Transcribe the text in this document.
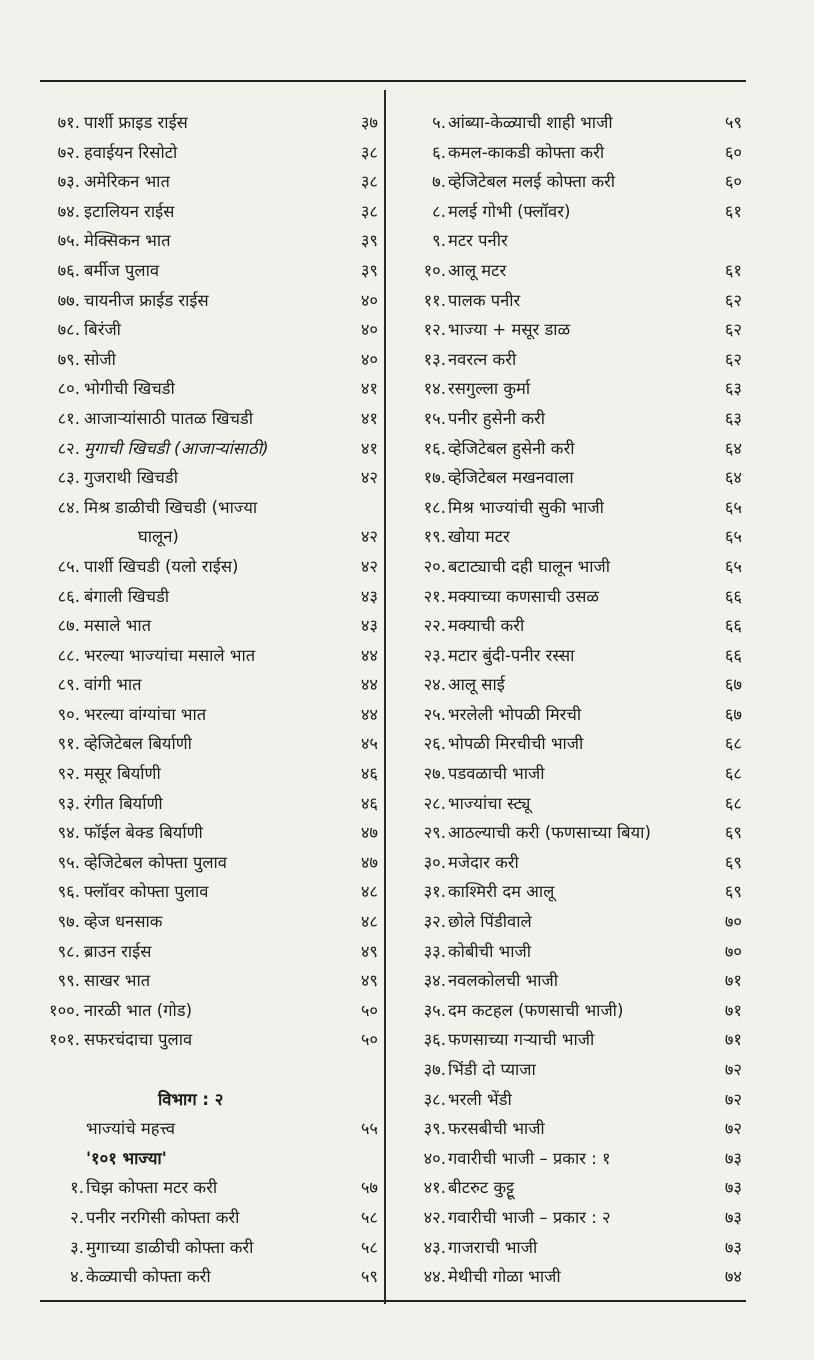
७१. पार्शी फ्राइड राईस	३७
७२. हवाईयन रिसोटो	३८
७३. अमेरिकन भात	३८
७४. इटालियन राईस	३८
७५. मेक्सिकन भात	३९
७६. बर्मीज पुलाव	३९
७७. चायनीज फ्राईड राईस	४०
७८. बिरंजी	४०
७९. सोजी	४०
८०. भोगीची खिचडी	४१
८१. आजाऱ्यांसाठी पातळ खिचडी	४१
८२. मुगाची खिचडी (आजाऱ्यांसाठी)	४१
८३. गुजराथी खिचडी	४२
८४. मिश्र डाळीची खिचडी (भाज्या
घालून)	४२
८५. पार्शी खिचडी (यलो राईस)	४२
८६. बंगाली खिचडी	४३
८७. मसाले भात	४३
८८. भरल्या भाज्यांचा मसाले भात	४४
८९. वांगी भात	४४
९०. भरल्या वांग्यांचा भात	४४
९१. व्हेजिटेबल बिर्याणी	४५
९२. मसूर बिर्याणी	४६
९३. रंगीत बिर्याणी	४६
९४. फॉईल बेक्ड बिर्याणी	४७
९५. व्हेजिटेबल कोफ्ता पुलाव	४७
९६. फ्लॉवर कोफ्ता पुलाव	४८
९७. व्हेज धनसाक	४८
९८. ब्राउन राईस	४९
९९. साखर भात	४९
१००. नारळी भात (गोड)	५०
१०१. सफरचंदाचा पुलाव	५०
विभाग : २
भाज्यांचे महत्त्व	५५
'१०१ भाज्या'
१. चिझ कोफ्ता मटर करी	५७
२. पनीर नरगिसी कोफ्ता करी	५८
३. मुगाच्या डाळीची कोफ्ता करी	५८
४. केळ्याची कोफ्ता करी	५९
५. आंब्या-केळ्याची शाही भाजी	५९
६. कमल-काकडी कोफ्ता करी	६०
७. व्हेजिटेबल मलई कोफ्ता करी	६०
८. मलई गोभी (फ्लॉवर)	६१
९. मटर पनीर
१०. आलू मटर	६१
११. पालक पनीर	६२
१२. भाज्या + मसूर डाळ	६२
१३. नवरत्न करी	६२
१४. रसगुल्ला कुर्मा	६३
१५. पनीर हुसेनी करी	६३
१६. व्हेजिटेबल हुसेनी करी	६४
१७. व्हेजिटेबल मखनवाला	६४
१८. मिश्र भाज्यांची सुकी भाजी	६५
१९. खोया मटर	६५
२०. बटाट्याची दही घालून भाजी	६५
२१. मक्याच्या कणसाची उसळ	६६
२२. मक्याची करी	६६
२३. मटार बुंदी-पनीर रस्सा	६६
२४. आलू साई	६७
२५. भरलेली भोपळी मिरची	६७
२६. भोपळी मिरचीची भाजी	६८
२७. पडवळाची भाजी	६८
२८. भाज्यांचा स्ट्यू	६८
२९. आठल्याची करी (फणसाच्या बिया)	६९
३०. मजेदार करी	६९
३१. काश्मिरी दम आलू	६९
३२. छोले पिंडीवाले	७०
३३. कोबीची भाजी	७०
३४. नवलकोलची भाजी	७१
३५. दम कटहल (फणसाची भाजी)	७१
३६. फणसाच्या गऱ्याची भाजी	७१
३७. भिंडी दो प्याजा	७२
३८. भरली भेंडी	७२
३९. फरसबीची भाजी	७२
४०. गवारीची भाजी – प्रकार : १	७३
४१. बीटरुट कुट्टू	७३
४२. गवारीची भाजी – प्रकार : २	७३
४३. गाजराची भाजी	७३
४४. मेथीची गोळा भाजी	७४
